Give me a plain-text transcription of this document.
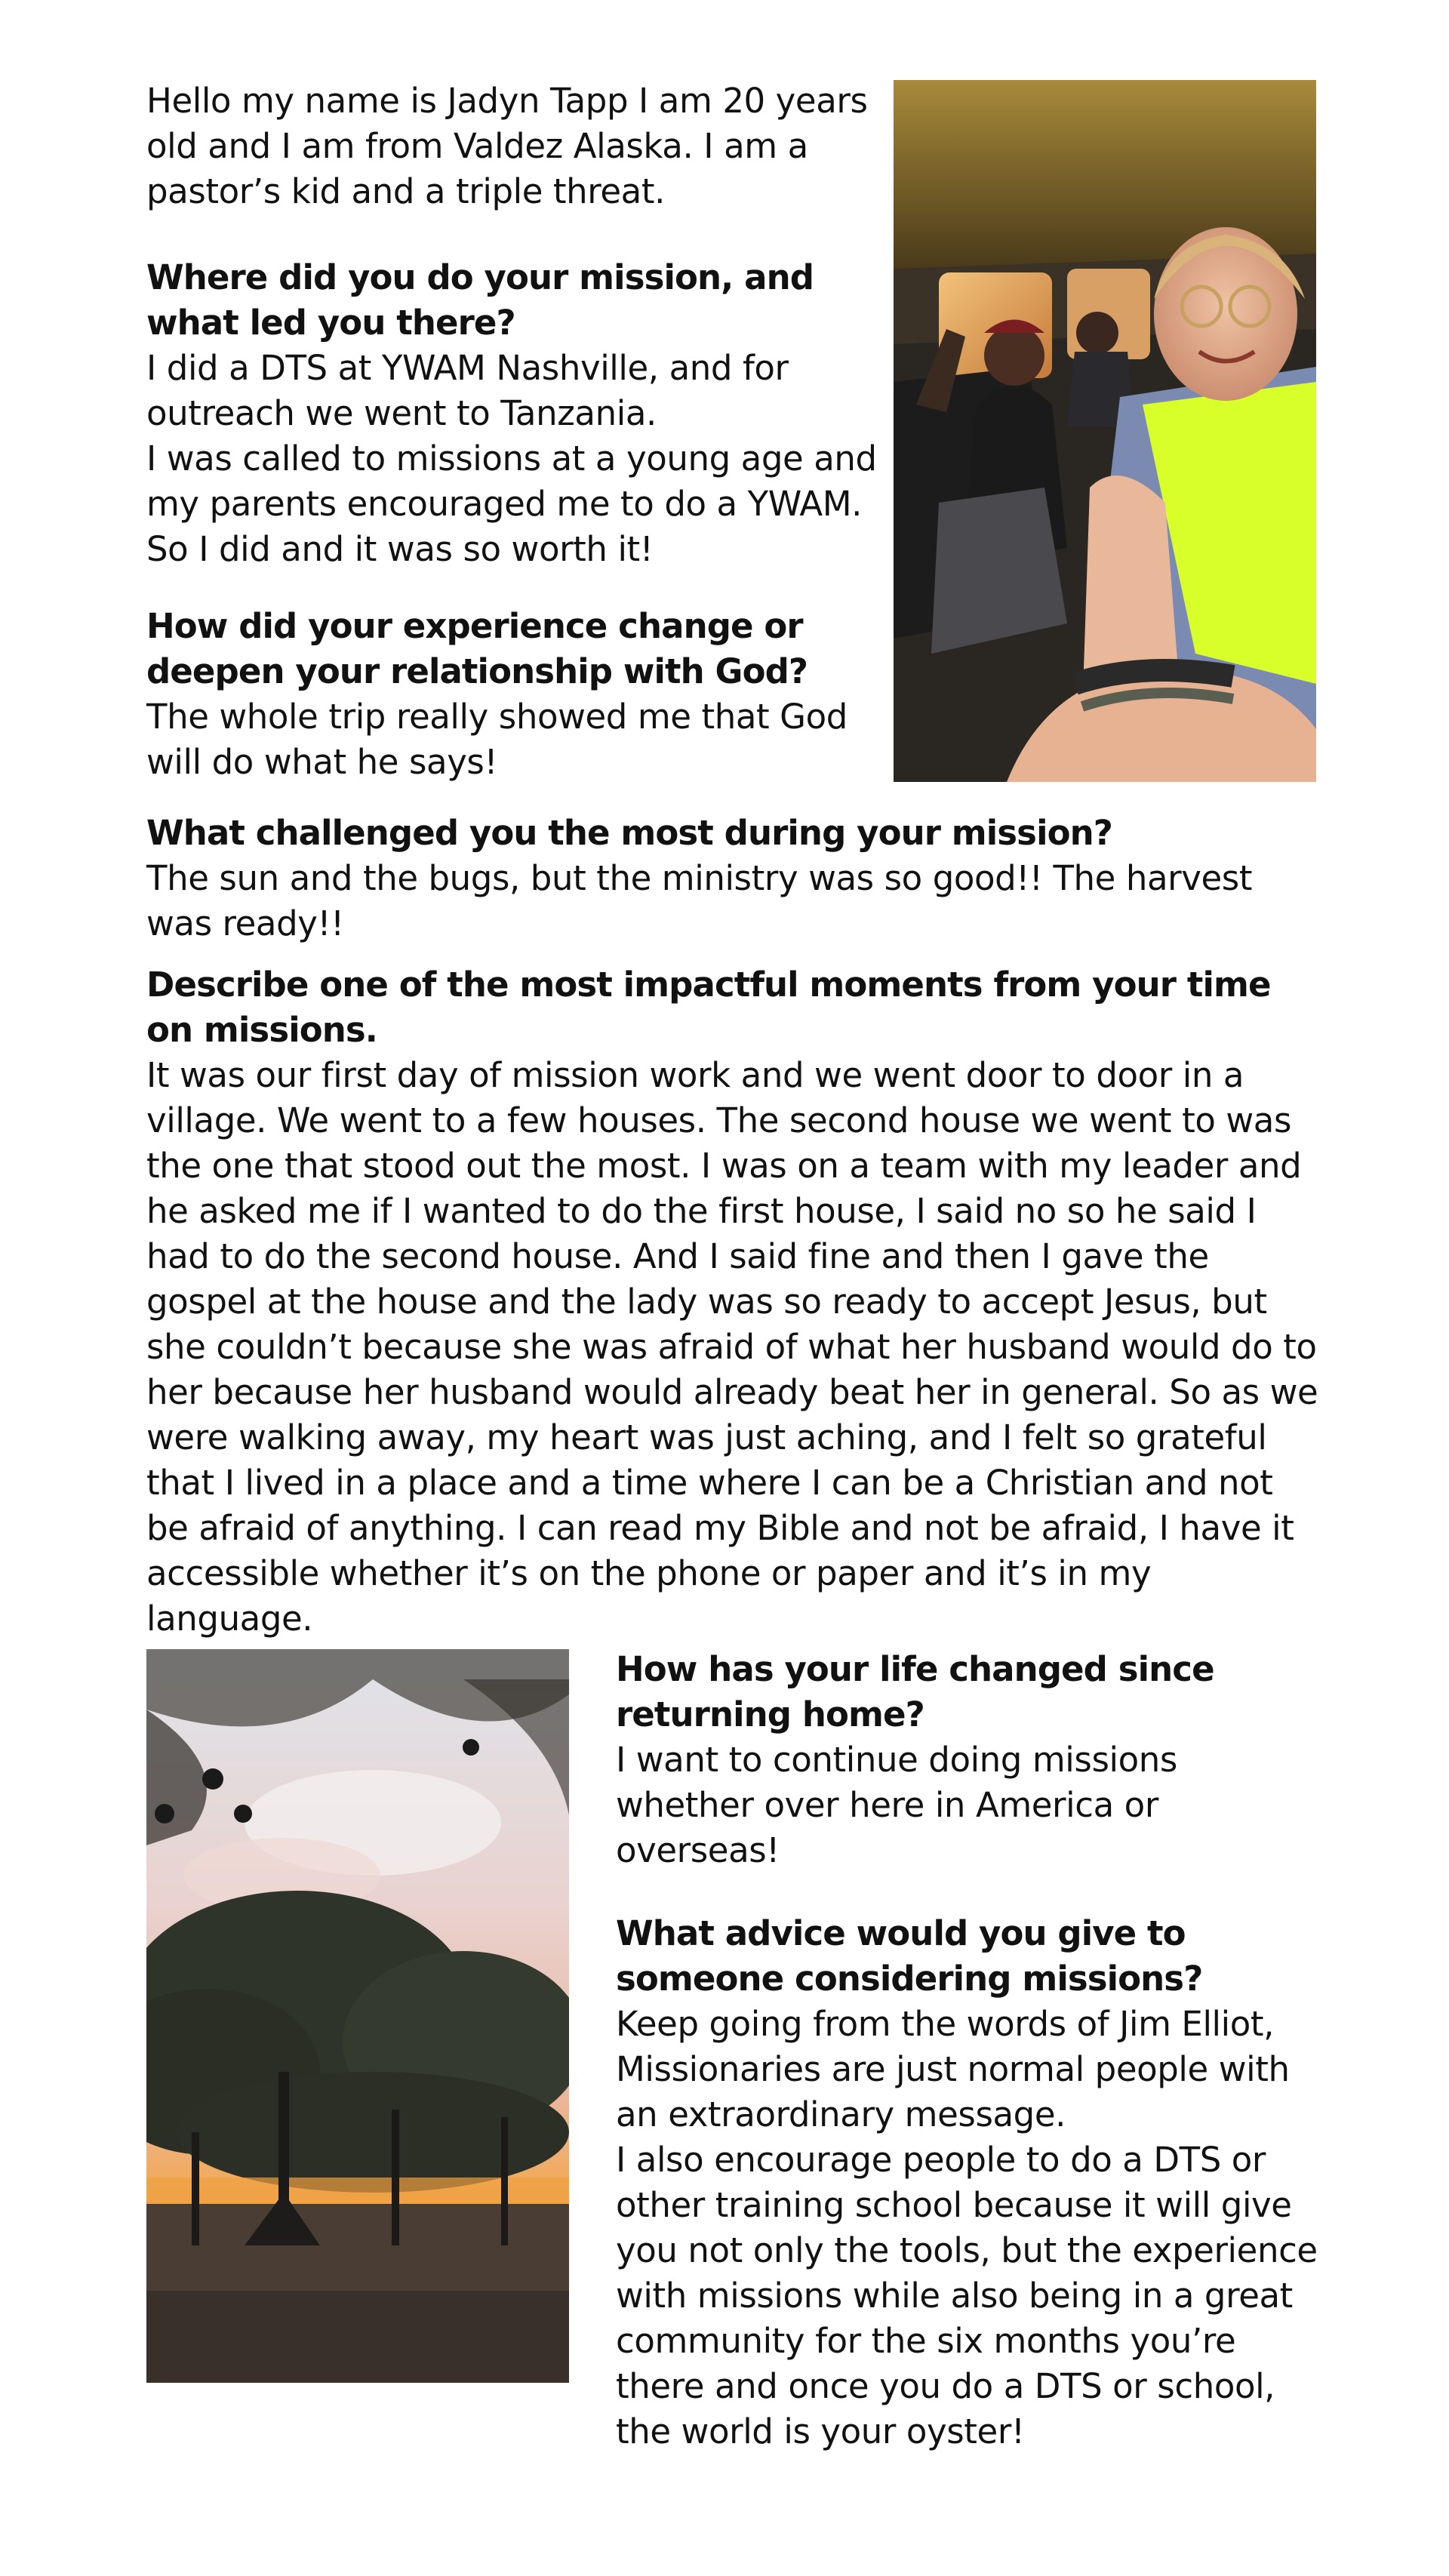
Hello my name is Jadyn Tapp I am 20 years old and I am from Valdez Alaska. I am a pastor’s kid and a triple threat.

Where did you do your mission, and what led you there?

I did a DTS at YWAM Nashville, and for outreach we went to Tanzania.

I was called to missions at a young age and my parents encouraged me to do a YWAM. So I did and it was so worth it!

How did your experience change or deepen your relationship with God?

The whole trip really showed me that God will do what he says!

What challenged you the most during your mission?

The sun and the bugs, but the ministry was so good!! The harvest was ready!!

Describe one of the most impactful moments from your time on missions.

It was our first day of mission work and we went door to door in a village. We went to a few houses. The second house we went to was the one that stood out the most. I was on a team with my leader and he asked me if I wanted to do the first house, I said no so he said I had to do the second house. And I said fine and then I gave the gospel at the house and the lady was so ready to accept Jesus, but she couldn’t because she was afraid of what her husband would do to her because her husband would already beat her in general. So as we were walking away, my heart was just aching, and I felt so grateful that I lived in a place and a time where I can be a Christian and not be afraid of anything. I can read my Bible and not be afraid, I have it accessible whether it’s on the phone or paper and it’s in my language.

How has your life changed since returning home?

I want to continue doing missions whether over here in America or overseas!

What advice would you give to someone considering missions?

Keep going from the words of Jim Elliot, Missionaries are just normal people with an extraordinary message.

I also encourage people to do a DTS or other training school because it will give you not only the tools, but the experience with missions while also being in a great community for the six months you’re there and once you do a DTS or school, the world is your oyster!
